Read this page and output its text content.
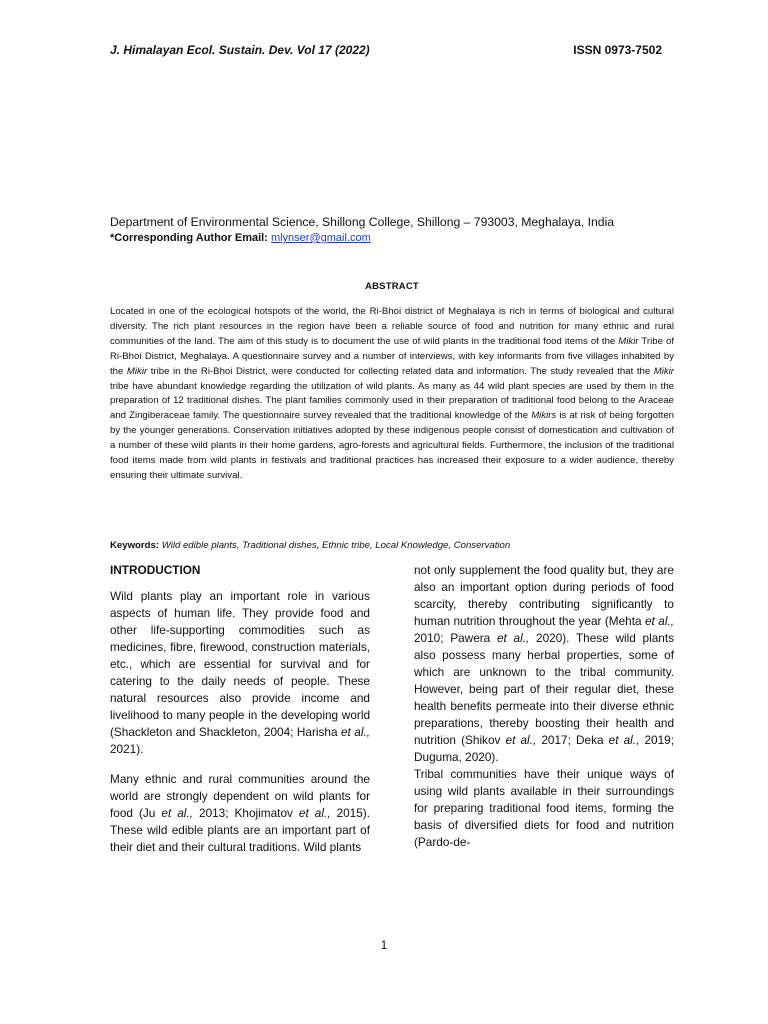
J. Himalayan Ecol. Sustain. Dev. Vol 17 (2022)	ISSN 0973-7502
Department of Environmental Science, Shillong College, Shillong – 793003, Meghalaya, India
*Corresponding Author Email: mlynser@gmail.com
ABSTRACT
Located in one of the ecological hotspots of the world, the Ri-Bhoi district of Meghalaya is rich in terms of biological and cultural diversity. The rich plant resources in the region have been a reliable source of food and nutrition for many ethnic and rural communities of the land. The aim of this study is to document the use of wild plants in the traditional food items of the Mikir Tribe of Ri-Bhoi District, Meghalaya. A questionnaire survey and a number of interviews, with key informants from five villages inhabited by the Mikir tribe in the Ri-Bhoi District, were conducted for collecting related data and information. The study revealed that the Mikir tribe have abundant knowledge regarding the utilization of wild plants. As many as 44 wild plant species are used by them in the preparation of 12 traditional dishes. The plant families commonly used in their preparation of traditional food belong to the Araceae and Zingiberaceae family. The questionnaire survey revealed that the traditional knowledge of the Mikirs is at risk of being forgotten by the younger generations. Conservation initiatives adopted by these indigenous people consist of domestication and cultivation of a number of these wild plants in their home gardens, agro-forests and agricultural fields. Furthermore, the inclusion of the traditional food items made from wild plants in festivals and traditional practices has increased their exposure to a wider audience, thereby ensuring their ultimate survival.
Keywords: Wild edible plants, Traditional dishes, Ethnic tribe, Local Knowledge, Conservation
INTRODUCTION

Wild plants play an important role in various aspects of human life. They provide food and other life-supporting commodities such as medicines, fibre, firewood, construction materials, etc., which are essential for survival and for catering to the daily needs of people. These natural resources also provide income and livelihood to many people in the developing world (Shackleton and Shackleton, 2004; Harisha et al., 2021).

Many ethnic and rural communities around the world are strongly dependent on wild plants for food (Ju et al., 2013; Khojimatov et al., 2015). These wild edible plants are an important part of their diet and their cultural traditions. Wild plants

not only supplement the food quality but, they are also an important option during periods of food scarcity, thereby contributing significantly to human nutrition throughout the year (Mehta et al., 2010; Pawera et al., 2020). These wild plants also possess many herbal properties, some of which are unknown to the tribal community. However, being part of their regular diet, these health benefits permeate into their diverse ethnic preparations, thereby boosting their health and nutrition (Shikov et al., 2017; Deka et al., 2019; Duguma, 2020).

Tribal communities have their unique ways of using wild plants available in their surroundings for preparing traditional food items, forming the basis of diversified diets for food and nutrition (Pardo-de-

1
